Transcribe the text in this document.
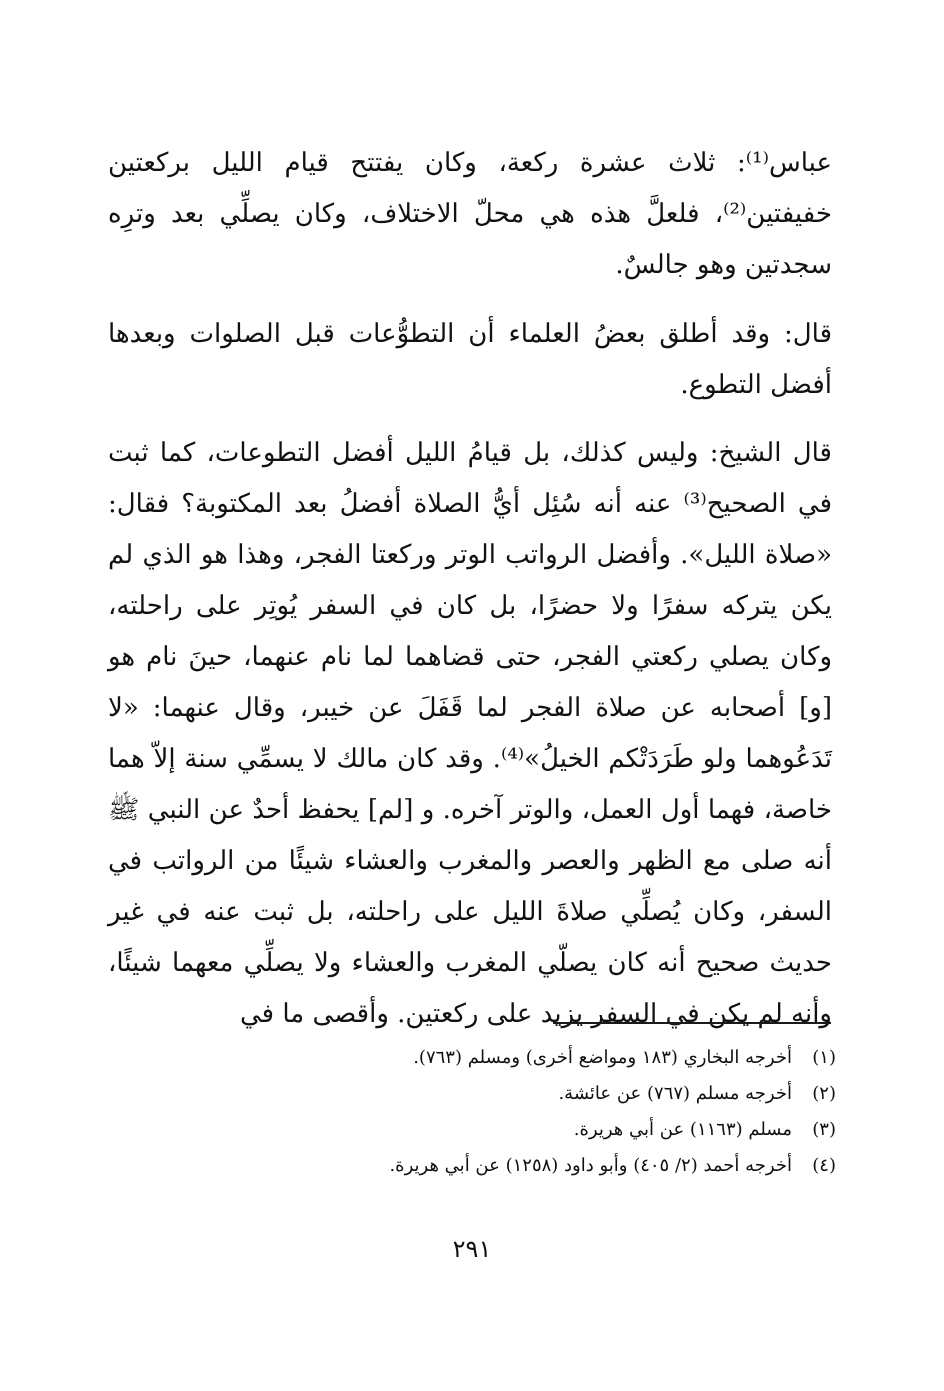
عباس⁽¹⁾: ثلاث عشرة ركعة، وكان يفتتح قيام الليل بركعتين خفيفتين⁽²⁾، فلعلَّ هذه هي محلّ الاختلاف، وكان يصلِّي بعد وترِه سجدتين وهو جالسٌ.

قال: وقد أطلق بعضُ العلماء أن التطوُّعات قبل الصلوات وبعدها أفضل التطوع.

قال الشيخ: وليس كذلك، بل قيامُ الليل أفضل التطوعات، كما ثبت في الصحيح⁽³⁾ عنه أنه سُئِل أيُّ الصلاة أفضلُ بعد المكتوبة؟ فقال: «صلاة الليل». وأفضل الرواتب الوتر وركعتا الفجر، وهذا هو الذي لم يكن يتركه سفرًا ولا حضرًا، بل كان في السفر يُوتِر على راحلته، وكان يصلي ركعتي الفجر، حتى قضاهما لما نام عنهما، حينَ نام هو [و] أصحابه عن صلاة الفجر لما قَفَلَ عن خيبر، وقال عنهما: «لا تَدَعُوهما ولو طَرَدَتْكم الخيلُ»⁽⁴⁾. وقد كان مالك لا يسمِّي سنة إلاّ هما خاصة، فهما أول العمل، والوتر آخره. و [لم] يحفظ أحدٌ عن النبي ﷺ أنه صلى مع الظهر والعصر والمغرب والعشاء شيئًا من الرواتب في السفر، وكان يُصلِّي صلاةَ الليل على راحلته، بل ثبت عنه في غير حديث صحيح أنه كان يصلّي المغرب والعشاء ولا يصلِّي معهما شيئًا، وأنه لم يكن في السفر يزيد على ركعتين. وأقصى ما في

(١)أخرجه البخاري (١٨٣ ومواضع أخرى) ومسلم (٧٦٣).
(٢)أخرجه مسلم (٧٦٧) عن عائشة.
(٣)مسلم (١١٦٣) عن أبي هريرة.
(٤)أخرجه أحمد (٢/ ٤٠٥) وأبو داود (١٢٥٨) عن أبي هريرة.
٢٩١
